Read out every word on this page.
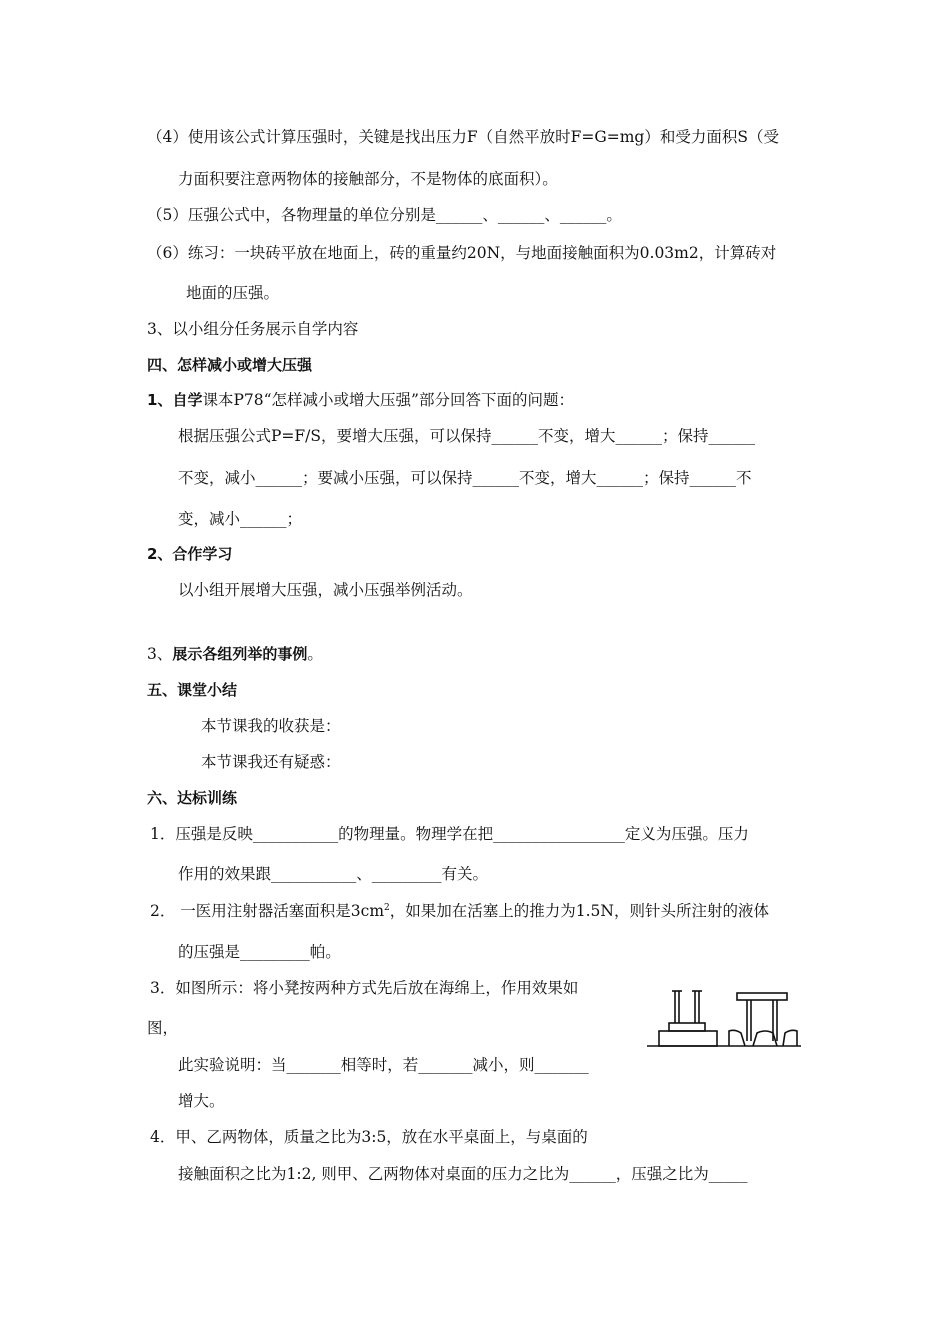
（4）使用该公式计算压强时，关键是找出压力F（自然平放时F=G=mg）和受力面积S（受
力面积要注意两物体的接触部分，不是物体的底面积）。
（5）压强公式中，各物理量的单位分别是______、______、______。
（6）练习：一块砖平放在地面上，砖的重量约20N，与地面接触面积为0.03m2，计算砖对
地面的压强。
3、以小组分任务展示自学内容
四、怎样减小或增大压强
1、自学课本P78“怎样减小或增大压强”部分回答下面的问题：
根据压强公式P=F/S，要增大压强，可以保持______不变，增大______；保持______
不变，减小______；要减小压强，可以保持______不变，增大______；保持______不
变，减小______；
2、合作学习
以小组开展增大压强，减小压强举例活动。
3、展示各组列举的事例。
五、课堂小结
本节课我的收获是：
本节课我还有疑惑：
六、达标训练
1．压强是反映___________的物理量。物理学在把_________________定义为压强。压力
作用的效果跟___________、_________有关。
2． 一医用注射器活塞面积是$3cm^2$，如果加在活塞上的推力为1.5N，则针头所注射的液体
的压强是_________帕。
3．如图所示：将小凳按两种方式先后放在海绵上，作用效果如
图，
此实验说明：当_______相等时，若_______减小，则_______
增大。
4．甲、乙两物体，质量之比为3:5，放在水平桌面上，与桌面的
接触面积之比为1:2, 则甲、乙两物体对桌面的压力之比为______，压强之比为_____
